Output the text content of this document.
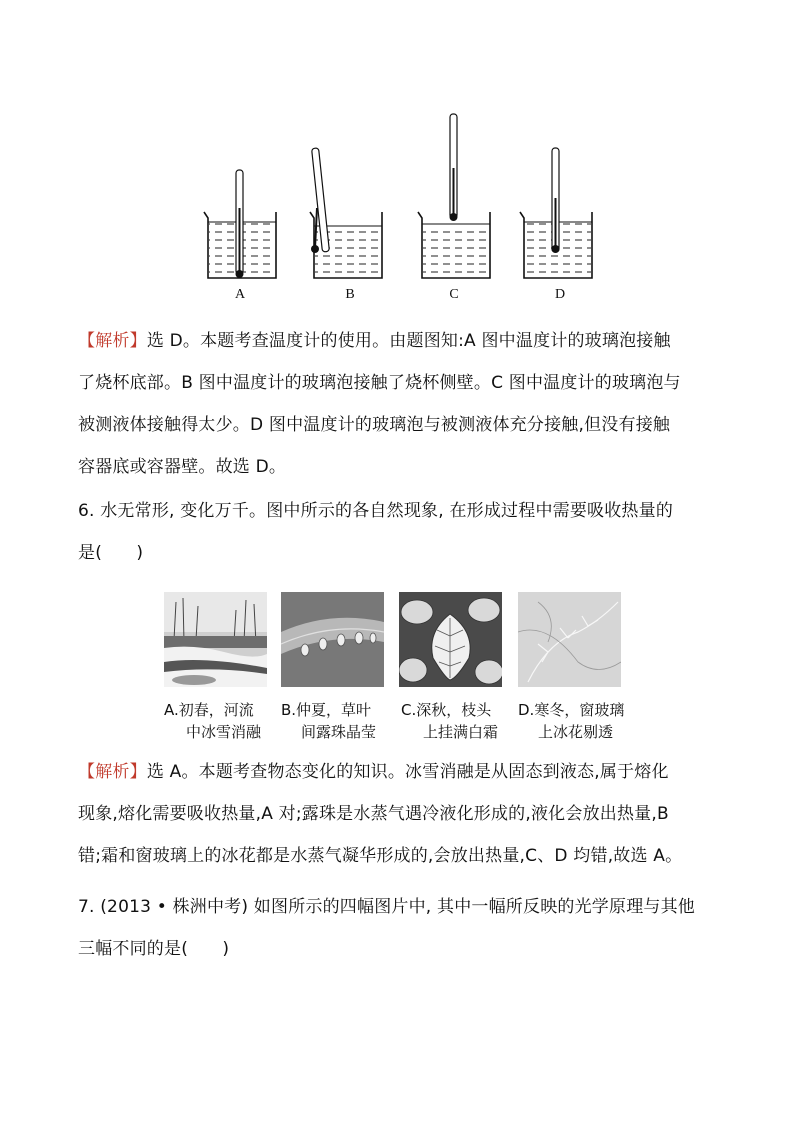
A	B	C	D
【解析】选 D。本题考查温度计的使用。由题图知:A 图中温度计的玻璃泡接触
了烧杯底部。B 图中温度计的玻璃泡接触了烧杯侧壁。C 图中温度计的玻璃泡与
被测液体接触得太少。D 图中温度计的玻璃泡与被测液体充分接触,但没有接触
容器底或容器壁。故选 D。
6. 水无常形, 变化万千。图中所示的各自然现象, 在形成过程中需要吸收热量的
是(　　)
A.初春，河流
中冰雪消融
B.仲夏，草叶
间露珠晶莹
C.深秋，枝头
上挂满白霜
D.寒冬，窗玻璃
上冰花剔透
【解析】选 A。本题考查物态变化的知识。冰雪消融是从固态到液态,属于熔化
现象,熔化需要吸收热量,A 对;露珠是水蒸气遇冷液化形成的,液化会放出热量,B
错;霜和窗玻璃上的冰花都是水蒸气凝华形成的,会放出热量,C、D 均错,故选 A。
7. (2013 • 株洲中考) 如图所示的四幅图片中, 其中一幅所反映的光学原理与其他
三幅不同的是(　　)
